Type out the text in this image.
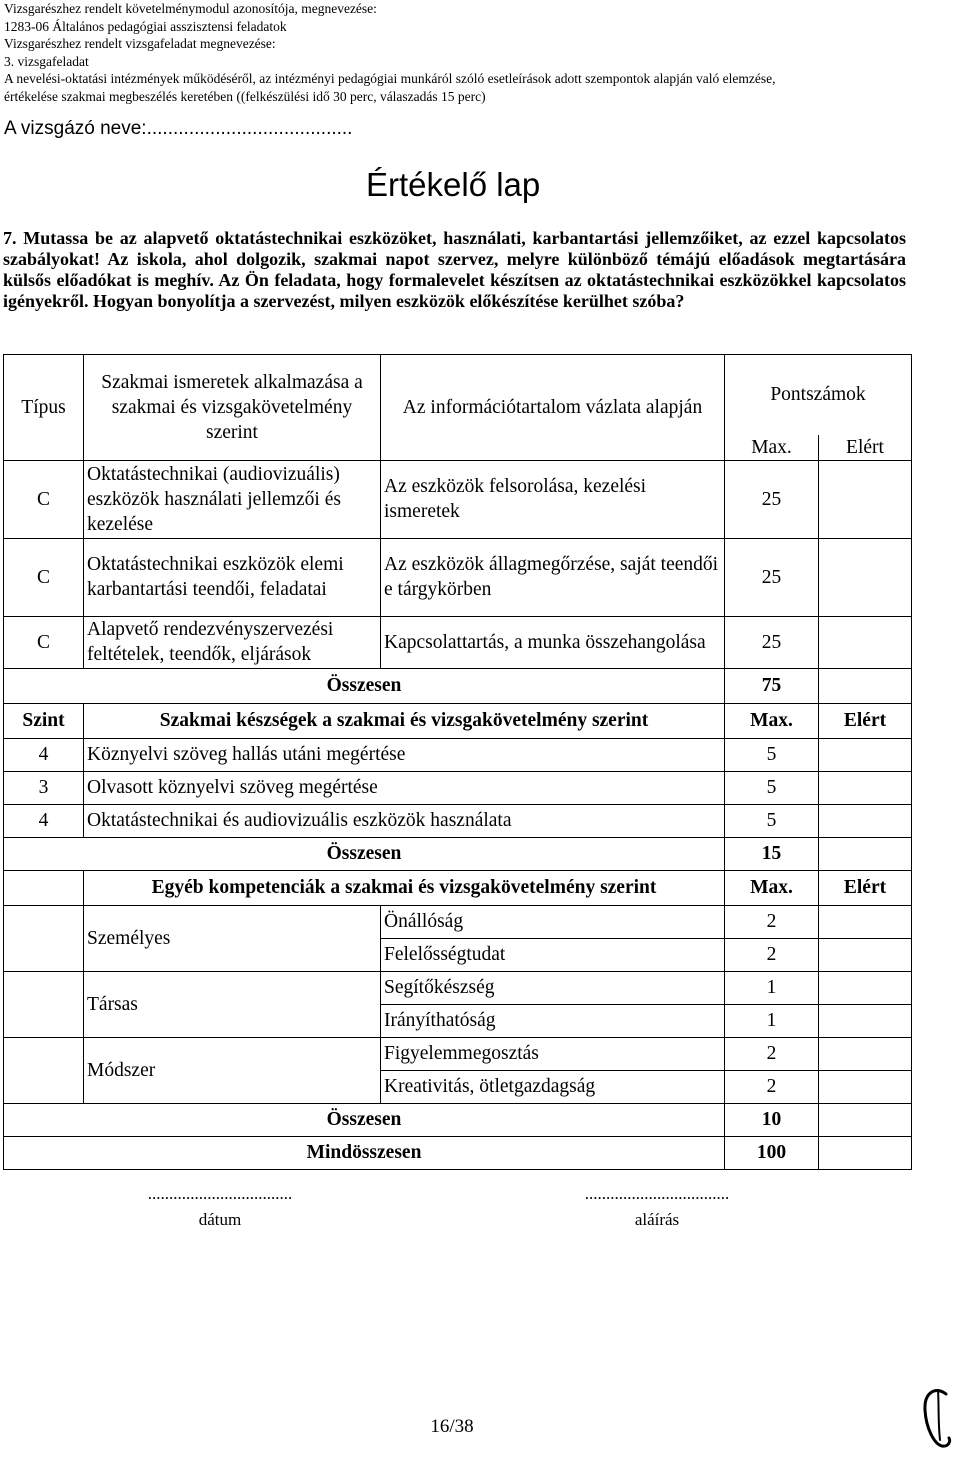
Vizsgarészhez rendelt követelménymodul azonosítója, megnevezése:
1283-06 Általános pedagógiai asszisztensi feladatok
Vizsgarészhez rendelt vizsgafeladat megnevezése:
3. vizsgafeladat
A nevelési-oktatási intézmények működéséről, az intézményi pedagógiai munkáról szóló esetleírások adott szempontok alapján való elemzése,
értékelése szakmai megbeszélés keretében ((felkészülési idő 30 perc, válaszadás 15 perc)
A vizsgázó neve:.......................................
Értékelő lap
7. Mutassa be az alapvető oktatástechnikai eszközöket, használati, karbantartási jellemzőiket, az ezzel kapcsolatos szabályokat! Az iskola, ahol dolgozik, szakmai napot szervez, melyre különböző témájú előadások megtartására külsős előadókat is meghív. Az Ön feladata, hogy formalevelet készítsen az oktatástechnikai eszközökkel kapcsolatos igényekről. Hogyan bonyolítja a szervezést, milyen eszközök előkészítése kerülhet szóba?
Típus	Szakmai ismeretek alkalmazása a szakmai és vizsgakövetelmény szerint	Az információtartalom vázlata alapján	Pontszámok	
			Max.	Elért
C	Oktatástechnikai (audiovizuális) eszközök használati jellemzői és kezelése	Az eszközök felsorolása, kezelési ismeretek	25	
C	Oktatástechnikai eszközök elemi karbantartási teendői, feladatai	Az eszközök állagmegőrzése, saját teendői e tárgykörben	25	
C	Alapvető rendezvényszervezési feltételek, teendők, eljárások	Kapcsolattartás, a munka összehangolása	25	
Összesen			75	
Szint	Szakmai készségek a szakmai és vizsgakövetelmény szerint		Max.	Elért
4	Köznyelvi szöveg hallás utáni megértése		5	
3	Olvasott köznyelvi szöveg megértése		5	
4	Oktatástechnikai és audiovizuális eszközök használata		5	
Összesen			15	
	Egyéb kompetenciák a szakmai és vizsgakövetelmény szerint		Max.	Elért
	Személyes	Önállóság	2	
		Felelősségtudat	2	
	Társas	Segítőkészség	1	
		Irányíthatóság	1	
	Módszer	Figyelemmegosztás	2	
		Kreativitás, ötletgazdagság	2	
Összesen			10	
Mindösszesen			100	
..................................
dátum
..................................
aláírás
16/38
